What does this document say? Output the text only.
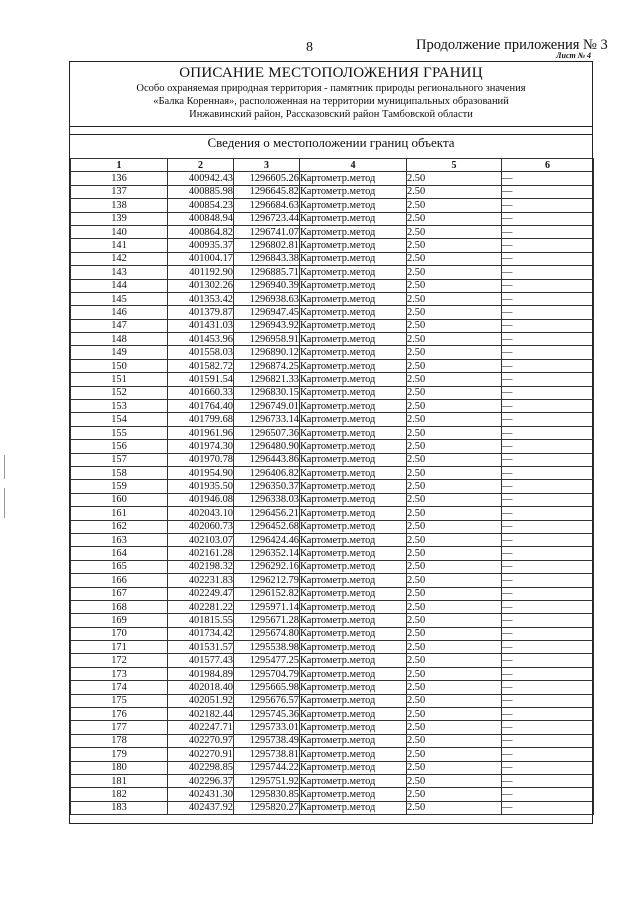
8	Продолжение приложения № 3
Лист № 4
ОПИСАНИЕ МЕСТОПОЛОЖЕНИЯ ГРАНИЦ
Особо охраняемая природная территория - памятник природы регионального значения
«Балка Коренная», расположенная на территории муниципальных образований
Инжавинский район, Рассказовский район Тамбовской области
Сведения о местоположении границ объекта
1	2	3	4	5	6
136	400942.43	1296605.26	Картометр.метод	2.50	—
137	400885.98	1296645.82	Картометр.метод	2.50	—
138	400854.23	1296684.63	Картометр.метод	2.50	—
139	400848.94	1296723.44	Картометр.метод	2.50	—
140	400864.82	1296741.07	Картометр.метод	2.50	—
141	400935.37	1296802.81	Картометр.метод	2.50	—
142	401004.17	1296843.38	Картометр.метод	2.50	—
143	401192.90	1296885.71	Картометр.метод	2.50	—
144	401302.26	1296940.39	Картометр.метод	2.50	—
145	401353.42	1296938.63	Картометр.метод	2.50	—
146	401379.87	1296947.45	Картометр.метод	2.50	—
147	401431.03	1296943.92	Картометр.метод	2.50	—
148	401453.96	1296958.91	Картометр.метод	2.50	—
149	401558.03	1296890.12	Картометр.метод	2.50	—
150	401582.72	1296874.25	Картометр.метод	2.50	—
151	401591.54	1296821.33	Картометр.метод	2.50	—
152	401660.33	1296830.15	Картометр.метод	2.50	—
153	401764.40	1296749.01	Картометр.метод	2.50	—
154	401799.68	1296733.14	Картометр.метод	2.50	—
155	401961.96	1296507.36	Картометр.метод	2.50	—
156	401974.30	1296480.90	Картометр.метод	2.50	—
157	401970.78	1296443.86	Картометр.метод	2.50	—
158	401954.90	1296406.82	Картометр.метод	2.50	—
159	401935.50	1296350.37	Картометр.метод	2.50	—
160	401946.08	1296338.03	Картометр.метод	2.50	—
161	402043.10	1296456.21	Картометр.метод	2.50	—
162	402060.73	1296452.68	Картометр.метод	2.50	—
163	402103.07	1296424.46	Картометр.метод	2.50	—
164	402161.28	1296352.14	Картометр.метод	2.50	—
165	402198.32	1296292.16	Картометр.метод	2.50	—
166	402231.83	1296212.79	Картометр.метод	2.50	—
167	402249.47	1296152.82	Картометр.метод	2.50	—
168	402281.22	1295971.14	Картометр.метод	2.50	—
169	401815.55	1295671.28	Картометр.метод	2.50	—
170	401734.42	1295674.80	Картометр.метод	2.50	—
171	401531.57	1295538.98	Картометр.метод	2.50	—
172	401577.43	1295477.25	Картометр.метод	2.50	—
173	401984.89	1295704.79	Картометр.метод	2.50	—
174	402018.40	1295665.98	Картометр.метод	2.50	—
175	402051.92	1295676.57	Картометр.метод	2.50	—
176	402182.44	1295745.36	Картометр.метод	2.50	—
177	402247.71	1295733.01	Картометр.метод	2.50	—
178	402270.97	1295738.49	Картометр.метод	2.50	—
179	402270.91	1295738.81	Картометр.метод	2.50	—
180	402298.85	1295744.22	Картометр.метод	2.50	—
181	402296.37	1295751.92	Картометр.метод	2.50	—
182	402431.30	1295830.85	Картометр.метод	2.50	—
183	402437.92	1295820.27	Картометр.метод	2.50	—
